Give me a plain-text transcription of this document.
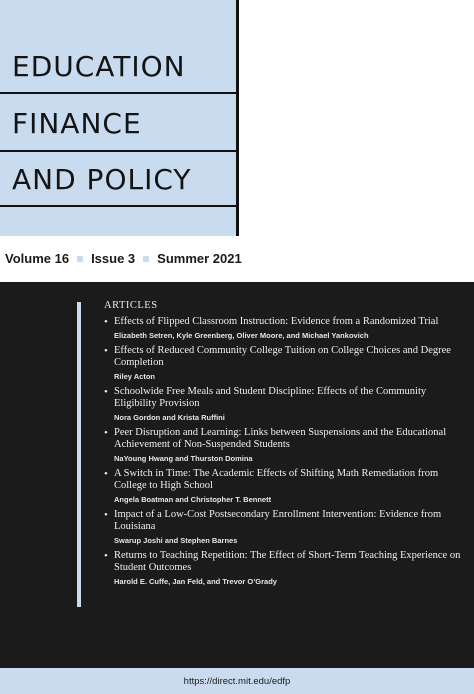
EDUCATION
FINANCE
AND POLICY
Volume 16 Issue 3 Summer 2021
ARTICLES
• Effects of Flipped Classroom Instruction: Evidence from a Randomized Trial
Elizabeth Setren, Kyle Greenberg, Oliver Moore, and Michael Yankovich
• Effects of Reduced Community College Tuition on College Choices and Degree Completion
Riley Acton
• Schoolwide Free Meals and Student Discipline: Effects of the Community Eligibility Provision
Nora Gordon and Krista Ruffini
• Peer Disruption and Learning: Links between Suspensions and the Educational Achievement of Non-Suspended Students
NaYoung Hwang and Thurston Domina
• A Switch in Time: The Academic Effects of Shifting Math Remediation from College to High School
Angela Boatman and Christopher T. Bennett
• Impact of a Low-Cost Postsecondary Enrollment Intervention: Evidence from Louisiana
Swarup Joshi and Stephen Barnes
• Returns to Teaching Repetition: The Effect of Short-Term Teaching Experience on Student Outcomes
Harold E. Cuffe, Jan Feld, and Trevor O’Grady
https://direct.mit.edu/edfp
